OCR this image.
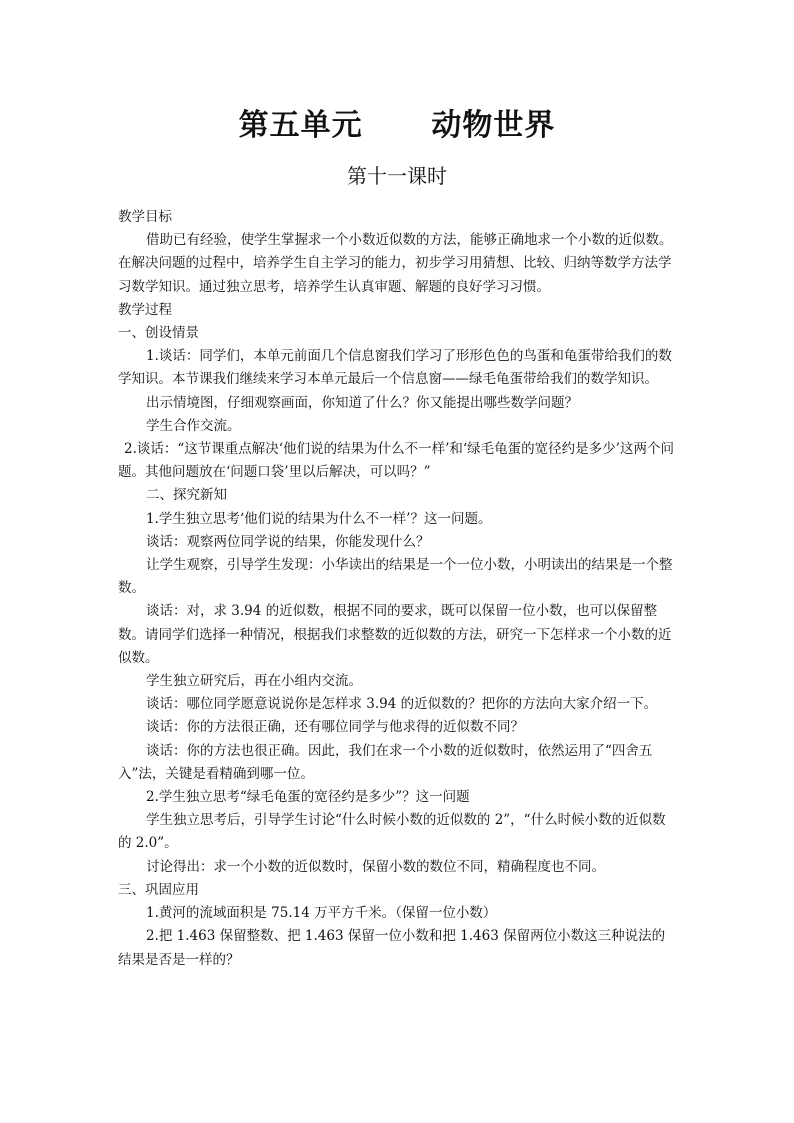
第五单元      动物世界
第十一课时

教学目标

借助已有经验，使学生掌握求一个小数近似数的方法，能够正确地求一个小数的近似数。在解决问题的过程中，培养学生自主学习的能力，初步学习用猜想、比较、归纳等数学方法学习数学知识。通过独立思考，培养学生认真审题、解题的良好学习习惯。

教学过程

一、创设情景

1.谈话：同学们，本单元前面几个信息窗我们学习了形形色色的鸟蛋和龟蛋带给我们的数学知识。本节课我们继续来学习本单元最后一个信息窗——绿毛龟蛋带给我们的数学知识。

出示情境图，仔细观察画面，你知道了什么？你又能提出哪些数学问题？

学生合作交流。

2.谈话：“这节课重点解决‘他们说的结果为什么不一样’和‘绿毛龟蛋的宽径约是多少’这两个问题。其他问题放在‘问题口袋’里以后解决，可以吗？”

二、探究新知

1.学生独立思考‘他们说的结果为什么不一样’？这一问题。

谈话：观察两位同学说的结果，你能发现什么？

让学生观察，引导学生发现：小华读出的结果是一个一位小数，小明读出的结果是一个整数。

谈话：对，求 3.94 的近似数，根据不同的要求，既可以保留一位小数，也可以保留整数。请同学们选择一种情况，根据我们求整数的近似数的方法，研究一下怎样求一个小数的近似数。

学生独立研究后，再在小组内交流。

谈话：哪位同学愿意说说你是怎样求 3.94 的近似数的？把你的方法向大家介绍一下。

谈话：你的方法很正确，还有哪位同学与他求得的近似数不同？

谈话：你的方法也很正确。因此，我们在求一个小数的近似数时，依然运用了“四舍五入”法，关键是看精确到哪一位。

2.学生独立思考“绿毛龟蛋的宽径约是多少”？这一问题

学生独立思考后，引导学生讨论“什么时候小数的近似数的 2”，“什么时候小数的近似数的 2.0”。

讨论得出：求一个小数的近似数时，保留小数的数位不同，精确程度也不同。

三、巩固应用

1.黄河的流域面积是 75.14 万平方千米。（保留一位小数）

2.把 1.463 保留整数、把 1.463 保留一位小数和把 1.463 保留两位小数这三种说法的结果是否是一样的？
